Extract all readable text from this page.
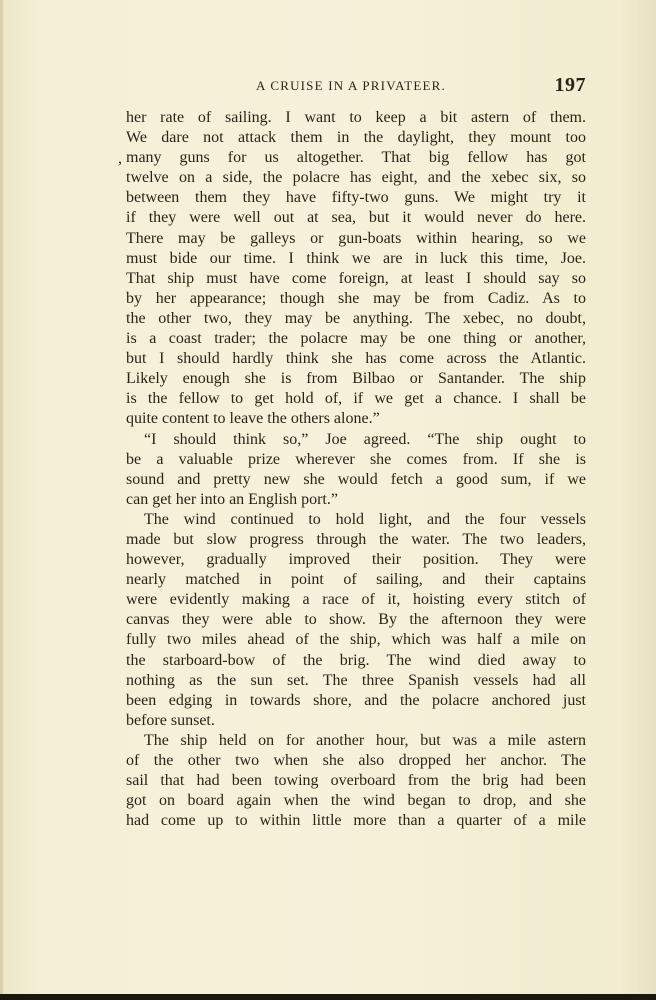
A CRUISE IN A PRIVATEER.	197
,
her rate of sailing. I want to keep a bit astern of them.
We dare not attack them in the daylight, they mount too
many guns for us altogether. That big fellow has got
twelve on a side, the polacre has eight, and the xebec six, so
between them they have fifty-two guns. We might try it
if they were well out at sea, but it would never do here.
There may be galleys or gun-boats within hearing, so we
must bide our time. I think we are in luck this time, Joe.
That ship must have come foreign, at least I should say so
by her appearance; though she may be from Cadiz. As to
the other two, they may be anything. The xebec, no doubt,
is a coast trader; the polacre may be one thing or another,
but I should hardly think she has come across the Atlantic.
Likely enough she is from Bilbao or Santander. The ship
is the fellow to get hold of, if we get a chance. I shall be
quite content to leave the others alone.”
“I should think so,” Joe agreed. “The ship ought to
be a valuable prize wherever she comes from. If she is
sound and pretty new she would fetch a good sum, if we
can get her into an English port.”
The wind continued to hold light, and the four vessels
made but slow progress through the water. The two leaders,
however, gradually improved their position. They were
nearly matched in point of sailing, and their captains
were evidently making a race of it, hoisting every stitch of
canvas they were able to show. By the afternoon they were
fully two miles ahead of the ship, which was half a mile on
the starboard-bow of the brig. The wind died away to
nothing as the sun set. The three Spanish vessels had all
been edging in towards shore, and the polacre anchored just
before sunset.
The ship held on for another hour, but was a mile astern
of the other two when she also dropped her anchor. The
sail that had been towing overboard from the brig had been
got on board again when the wind began to drop, and she
had come up to within little more than a quarter of a mile
